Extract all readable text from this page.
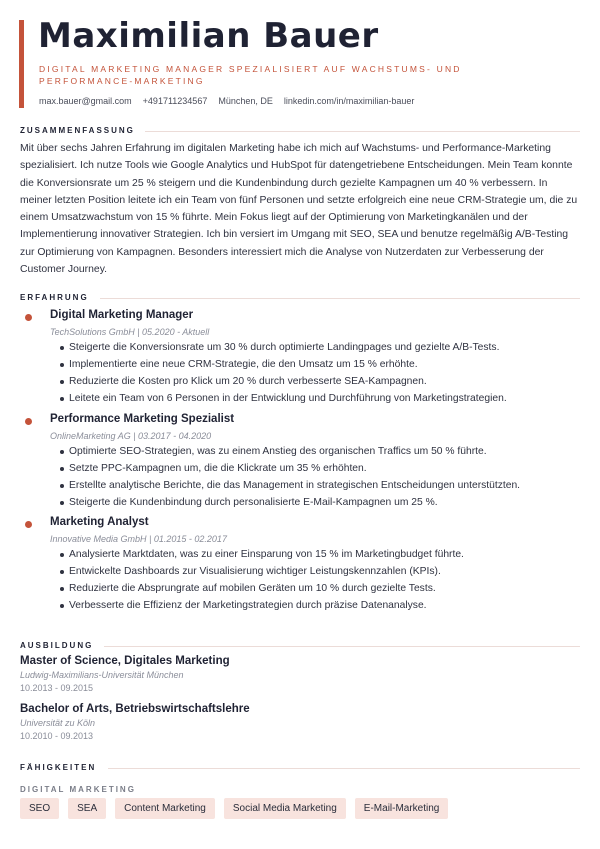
Maximilian Bauer
DIGITAL MARKETING MANAGER SPEZIALISIERT AUF WACHSTUMS- UND PERFORMANCE-MARKETING
max.bauer@gmail.com +491711234567 München, DE linkedin.com/in/maximilian-bauer
ZUSAMMENFASSUNG

Mit über sechs Jahren Erfahrung im digitalen Marketing habe ich mich auf Wachstums- und Performance-Marketing spezialisiert. Ich nutze Tools wie Google Analytics und HubSpot für datengetriebene Entscheidungen. Mein Team konnte die Konversionsrate um 25 % steigern und die Kundenbindung durch gezielte Kampagnen um 40 % verbessern. In meiner letzten Position leitete ich ein Team von fünf Personen und setzte erfolgreich eine neue CRM-Strategie um, die zu einem Umsatzwachstum von 15 % führte. Mein Fokus liegt auf der Optimierung von Marketingkanälen und der Implementierung innovativer Strategien. Ich bin versiert im Umgang mit SEO, SEA und benutze regelmäßig A/B-Testing zur Optimierung von Kampagnen. Besonders interessiert mich die Analyse von Nutzerdaten zur Verbesserung der Customer Journey.

ERFAHRUNG
Digital Marketing Manager
TechSolutions GmbH | 05.2020 - Aktuell
Steigerte die Konversionsrate um 30 % durch optimierte Landingpages und gezielte A/B-Tests.
Implementierte eine neue CRM-Strategie, die den Umsatz um 15 % erhöhte.
Reduzierte die Kosten pro Klick um 20 % durch verbesserte SEA-Kampagnen.
Leitete ein Team von 6 Personen in der Entwicklung und Durchführung von Marketingstrategien.
Performance Marketing Spezialist
OnlineMarketing AG | 03.2017 - 04.2020
Optimierte SEO-Strategien, was zu einem Anstieg des organischen Traffics um 50 % führte.
Setzte PPC-Kampagnen um, die die Klickrate um 35 % erhöhten.
Erstellte analytische Berichte, die das Management in strategischen Entscheidungen unterstützten.
Steigerte die Kundenbindung durch personalisierte E-Mail-Kampagnen um 25 %.
Marketing Analyst
Innovative Media GmbH | 01.2015 - 02.2017
Analysierte Marktdaten, was zu einer Einsparung von 15 % im Marketingbudget führte.
Entwickelte Dashboards zur Visualisierung wichtiger Leistungskennzahlen (KPIs).
Reduzierte die Absprungrate auf mobilen Geräten um 10 % durch gezielte Tests.
Verbesserte die Effizienz der Marketingstrategien durch präzise Datenanalyse.
AUSBILDUNG
Master of Science, Digitales Marketing
Ludwig-Maximilians-Universität München
10.2013 - 09.2015
Bachelor of Arts, Betriebswirtschaftslehre
Universität zu Köln
10.2010 - 09.2013
FÄHIGKEITEN
DIGITAL MARKETING
SEO	SEA	Content Marketing	Social Media Marketing	E-Mail-Marketing
